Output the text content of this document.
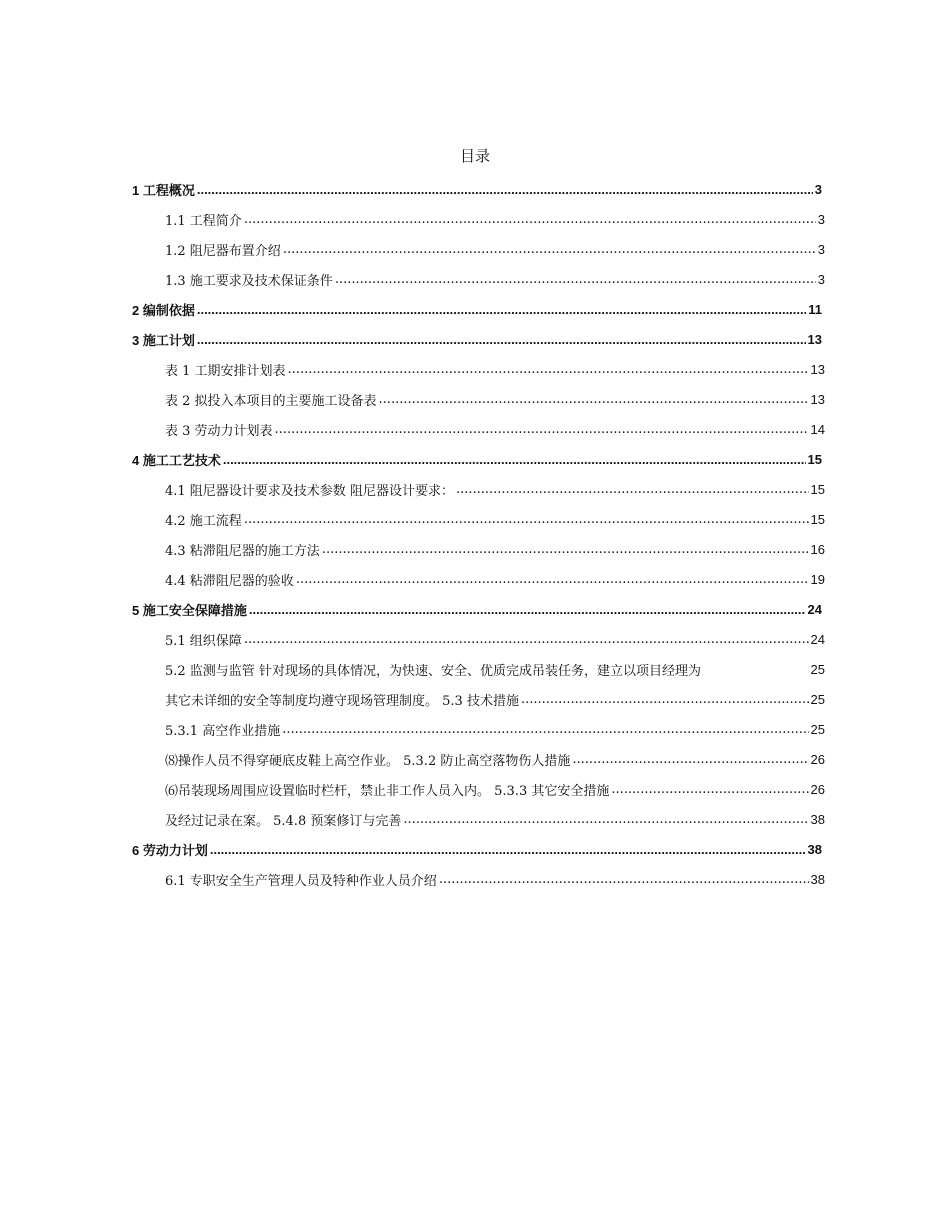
目录
1 工程概况 .....	3
1.1 工程简介 .....	3
1.2 阻尼器布置介绍 .....	3
1.3 施工要求及技术保证条件 .....	3
2 编制依据 .....	11
3 施工计划 .....	13
表 1 工期安排计划表 .....	13
表 2 拟投入本项目的主要施工设备表 .....	13
表 3 劳动力计划表 .....	14
4 施工工艺技术 .....	15
4.1 阻尼器设计要求及技术参数 阻尼器设计要求： .....	15
4.2 施工流程 .....	15
4.3 粘滞阻尼器的施工方法 .....	16
4.4 粘滞阻尼器的验收 .....	19
5 施工安全保障措施 .....	24
5.1 组织保障 .....	24
5.2 监测与监管 针对现场的具体情况，为快速、安全、优质完成吊装任务，建立以项目经理为	25
其它未详细的安全等制度均遵守现场管理制度。 5.3 技术措施 .....	25
5.3.1 高空作业措施 .....	25
⑻操作人员不得穿硬底皮鞋上高空作业。 5.3.2 防止高空落物伤人措施 .....	26
⑹吊装现场周围应设置临时栏杆，禁止非工作人员入内。 5.3.3 其它安全措施 .....	26
及经过记录在案。 5.4.8 预案修订与完善 .....	38
6 劳动力计划 .....	38
6.1 专职安全生产管理人员及特种作业人员介绍 .....	38
